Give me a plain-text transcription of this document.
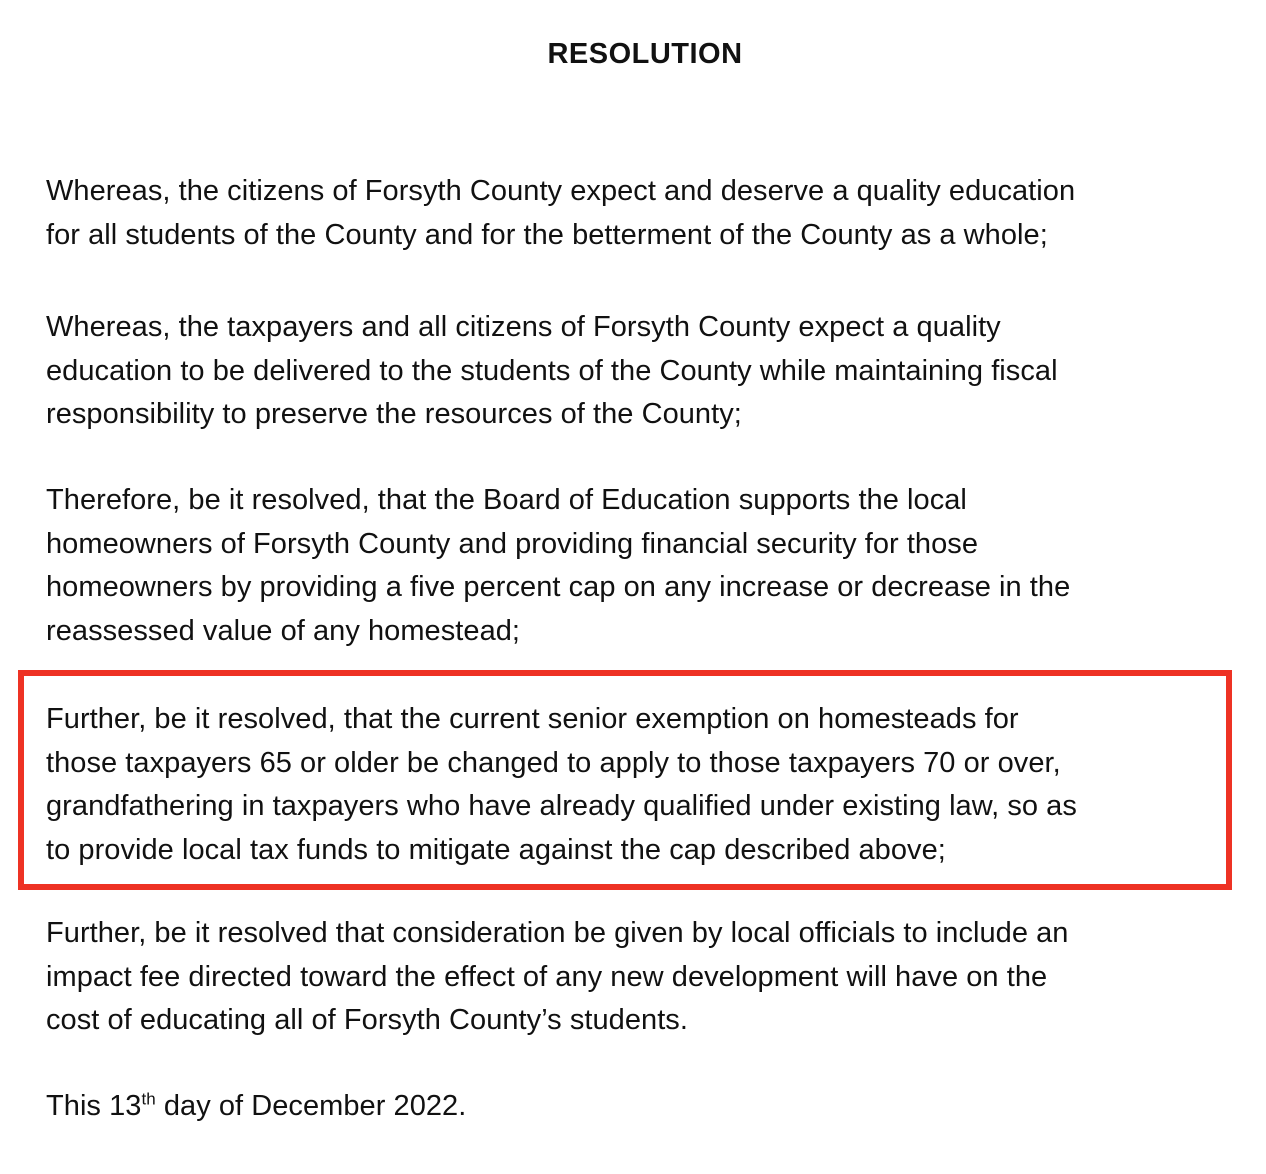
RESOLUTION
Whereas, the citizens of Forsyth County expect and deserve a quality education
for all students of the County and for the betterment of the County as a whole;
Whereas, the taxpayers and all citizens of Forsyth County expect a quality
education to be delivered to the students of the County while maintaining fiscal
responsibility to preserve the resources of the County;
Therefore, be it resolved, that the Board of Education supports the local
homeowners of Forsyth County and providing financial security for those
homeowners by providing a five percent cap on any increase or decrease in the
reassessed value of any homestead;
Further, be it resolved, that the current senior exemption on homesteads for
those taxpayers 65 or older be changed to apply to those taxpayers 70 or over,
grandfathering in taxpayers who have already qualified under existing law, so as
to provide local tax funds to mitigate against the cap described above;
Further, be it resolved that consideration be given by local officials to include an
impact fee directed toward the effect of any new development will have on the
cost of educating all of Forsyth County’s students.
This 13th day of December 2022.
